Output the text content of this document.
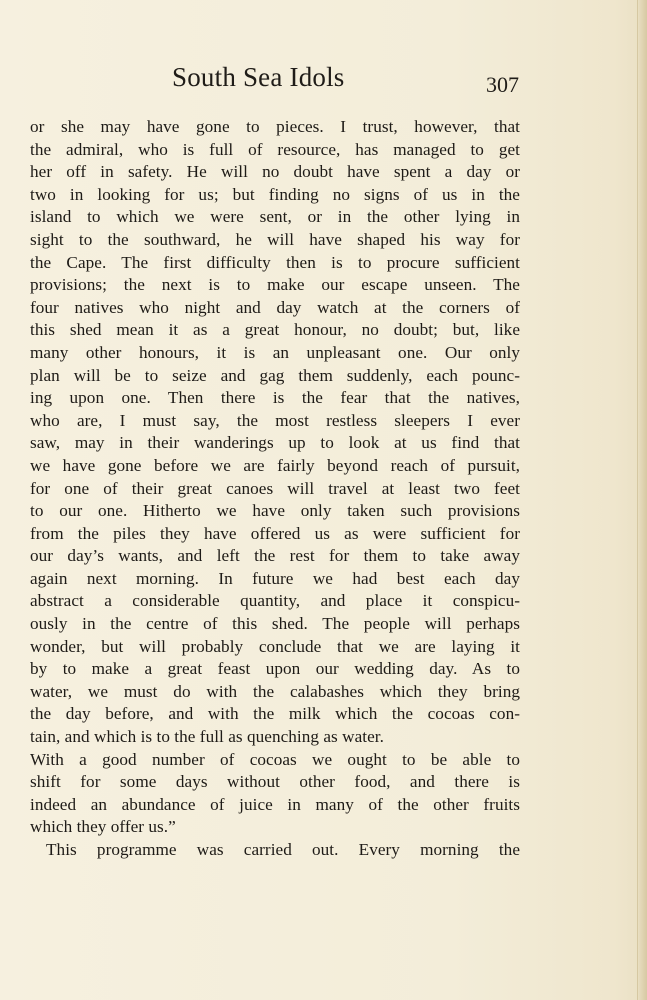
South Sea Idols	307
or she may have gone to pieces. I trust, however, that
the admiral, who is full of resource, has managed to get
her off in safety. He will no doubt have spent a day or
two in looking for us; but finding no signs of us in the
island to which we were sent, or in the other lying in
sight to the southward, he will have shaped his way for
the Cape. The first difficulty then is to procure sufficient
provisions; the next is to make our escape unseen. The
four natives who night and day watch at the corners of
this shed mean it as a great honour, no doubt; but, like
many other honours, it is an unpleasant one. Our only
plan will be to seize and gag them suddenly, each pounc-
ing upon one. Then there is the fear that the natives,
who are, I must say, the most restless sleepers I ever
saw, may in their wanderings up to look at us find that
we have gone before we are fairly beyond reach of pursuit,
for one of their great canoes will travel at least two feet
to our one. Hitherto we have only taken such provisions
from the piles they have offered us as were sufficient for
our day’s wants, and left the rest for them to take away
again next morning. In future we had best each day
abstract a considerable quantity, and place it conspicu-
ously in the centre of this shed. The people will perhaps
wonder, but will probably conclude that we are laying it
by to make a great feast upon our wedding day. As to
water, we must do with the calabashes which they bring
the day before, and with the milk which the cocoas con-
tain, and which is to the full as quenching as water.
With a good number of cocoas we ought to be able to
shift for some days without other food, and there is
indeed an abundance of juice in many of the other fruits
which they offer us.”
This programme was carried out. Every morning the
